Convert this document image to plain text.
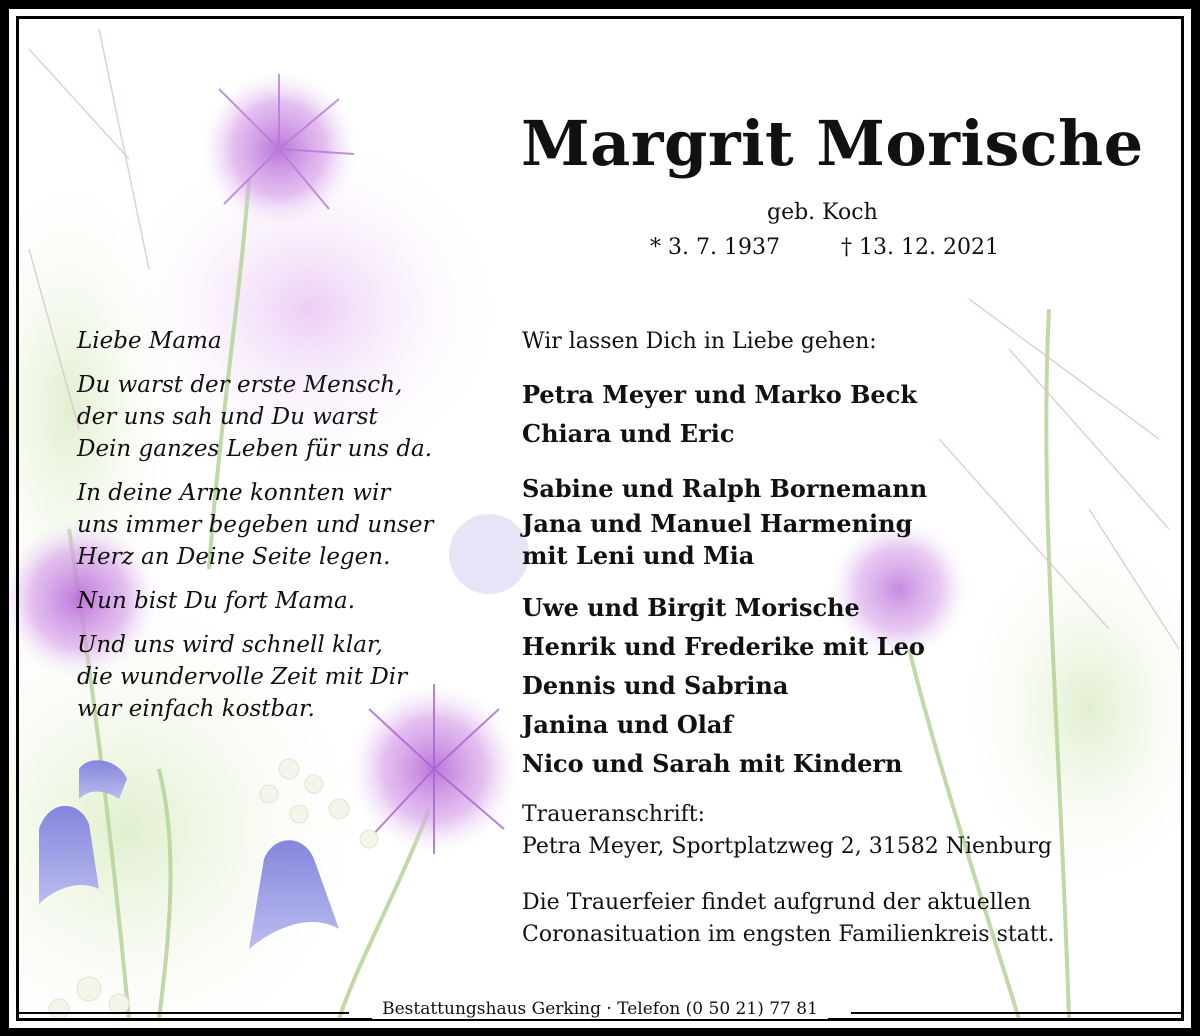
Margrit Morische
geb. Koch
* 3. 7. 1937	† 13. 12. 2021

Liebe Mama

Du warst der erste Mensch,
der uns sah und Du warst
Dein ganzes Leben für uns da.

In deine Arme konnten wir
uns immer begeben und unser
Herz an Deine Seite legen.

Nun bist Du fort Mama.

Und uns wird schnell klar,
die wundervolle Zeit mit Dir
war einfach kostbar.

Wir lassen Dich in Liebe gehen:
Petra Meyer und Marko Beck
Chiara und Eric
Sabine und Ralph Bornemann
Jana und Manuel Harmening
mit Leni und Mia
Uwe und Birgit Morische
Henrik und Frederike mit Leo
Dennis und Sabrina
Janina und Olaf
Nico und Sarah mit Kindern
Traueranschrift:
Petra Meyer, Sportplatzweg 2, 31582 Nienburg
Die Trauerfeier findet aufgrund der aktuellen Coronasituation im engsten Familienkreis statt.
Bestattungshaus Gerking · Telefon (0 50 21) 77 81
